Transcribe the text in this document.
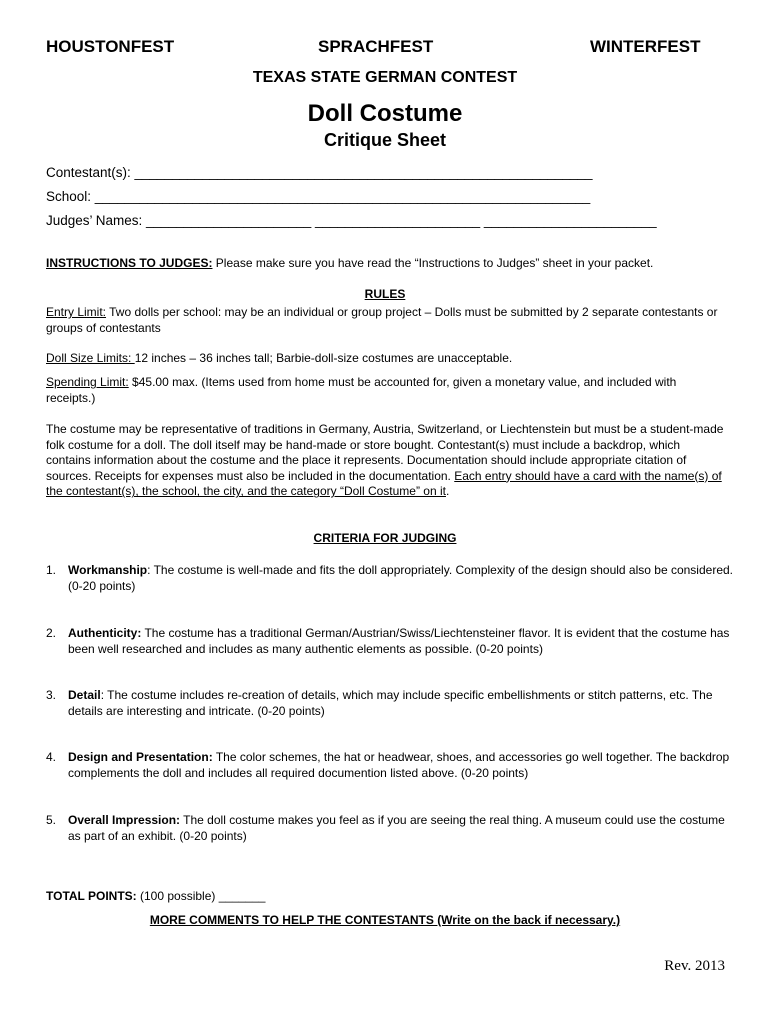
HOUSTONFEST	SPRACHFEST	WINTERFEST
TEXAS STATE GERMAN CONTEST
Doll Costume
Critique Sheet
Contestant(s): _____________________________________________________________
School: __________________________________________________________________
Judges’ Names: ______________________ ______________________ _______________________
INSTRUCTIONS TO JUDGES: Please make sure you have read the “Instructions to Judges” sheet in your packet.
RULES
Entry Limit: Two dolls per school: may be an individual or group project – Dolls must be submitted by 2 separate contestants or groups of contestants
Doll Size Limits: 12 inches – 36 inches tall; Barbie-doll-size costumes are unacceptable.
Spending Limit: $45.00 max. (Items used from home must be accounted for, given a monetary value, and included with receipts.)
The costume may be representative of traditions in Germany, Austria, Switzerland, or Liechtenstein but must be a student-made folk costume for a doll. The doll itself may be hand-made or store bought. Contestant(s) must include a backdrop, which contains information about the costume and the place it represents. Documentation should include appropriate citation of sources. Receipts for expenses must also be included in the documentation. Each entry should have a card with the name(s) of the contestant(s), the school, the city, and the category “Doll Costume” on it.
CRITERIA FOR JUDGING
1. Workmanship: The costume is well-made and fits the doll appropriately. Complexity of the design should also be considered. (0-20 points)
2. Authenticity: The costume has a traditional German/Austrian/Swiss/Liechtensteiner flavor. It is evident that the costume has been well researched and includes as many authentic elements as possible. (0-20 points)
3. Detail: The costume includes re-creation of details, which may include specific embellishments or stitch patterns, etc. The details are interesting and intricate. (0-20 points)
4. Design and Presentation: The color schemes, the hat or headwear, shoes, and accessories go well together. The backdrop complements the doll and includes all required documention listed above. (0-20 points)
5. Overall Impression: The doll costume makes you feel as if you are seeing the real thing. A museum could use the costume as part of an exhibit. (0-20 points)
TOTAL POINTS: (100 possible) _______
MORE COMMENTS TO HELP THE CONTESTANTS (Write on the back if necessary.)
Rev. 2013
